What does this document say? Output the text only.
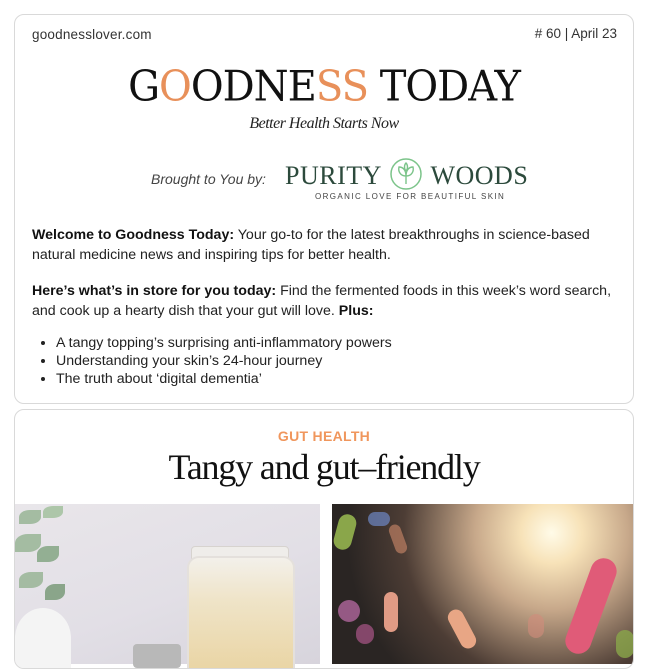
goodnesslover.com	# 60 | April 23
GOODNESS TODAY
Better Health Starts Now
Brought to You by: PURITY WOODS
ORGANIC LOVE FOR BEAUTIFUL SKIN

Welcome to Goodness Today: Your go-to for the latest breakthroughs in science-based natural medicine news and inspiring tips for better health.

Here’s what’s in store for you today: Find the fermented foods in this week’s word search, and cook up a hearty dish that your gut will love. Plus:

• A tangy topping’s surprising anti-inflammatory powers
• Understanding your skin’s 24-hour journey
• The truth about ‘digital dementia’
GUT HEALTH
Tangy and gut–friendly
